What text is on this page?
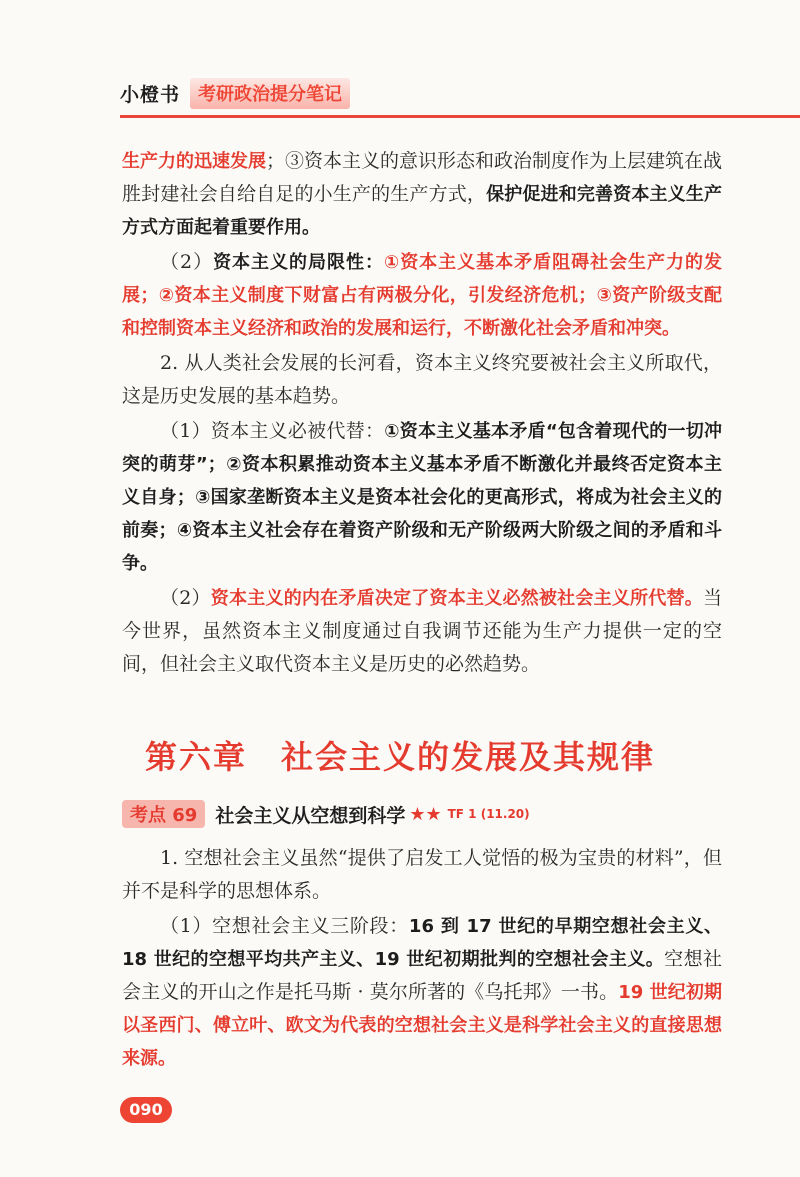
小橙书	考研政治提分笔记

生产力的迅速发展；③资本主义的意识形态和政治制度作为上层建筑在战胜封建社会自给自足的小生产的生产方式，保护促进和完善资本主义生产方式方面起着重要作用。

（2）资本主义的局限性：①资本主义基本矛盾阻碍社会生产力的发展；②资本主义制度下财富占有两极分化，引发经济危机；③资产阶级支配和控制资本主义经济和政治的发展和运行，不断激化社会矛盾和冲突。

2. 从人类社会发展的长河看，资本主义终究要被社会主义所取代，这是历史发展的基本趋势。

（1）资本主义必被代替：①资本主义基本矛盾“包含着现代的一切冲突的萌芽”；②资本积累推动资本主义基本矛盾不断激化并最终否定资本主义自身；③国家垄断资本主义是资本社会化的更高形式，将成为社会主义的前奏；④资本主义社会存在着资产阶级和无产阶级两大阶级之间的矛盾和斗争。

（2）资本主义的内在矛盾决定了资本主义必然被社会主义所代替。当今世界，虽然资本主义制度通过自我调节还能为生产力提供一定的空间，但社会主义取代资本主义是历史的必然趋势。

第六章　社会主义的发展及其规律
考点 69 社会主义从空想到科学 ★★ TF 1 (11.20)

1. 空想社会主义虽然“提供了启发工人觉悟的极为宝贵的材料”，但并不是科学的思想体系。

（1）空想社会主义三阶段：16 到 17 世纪的早期空想社会主义、18 世纪的空想平均共产主义、19 世纪初期批判的空想社会主义。空想社会主义的开山之作是托马斯 · 莫尔所著的《乌托邦》一书。19 世纪初期以圣西门、傅立叶、欧文为代表的空想社会主义是科学社会主义的直接思想来源。

090
